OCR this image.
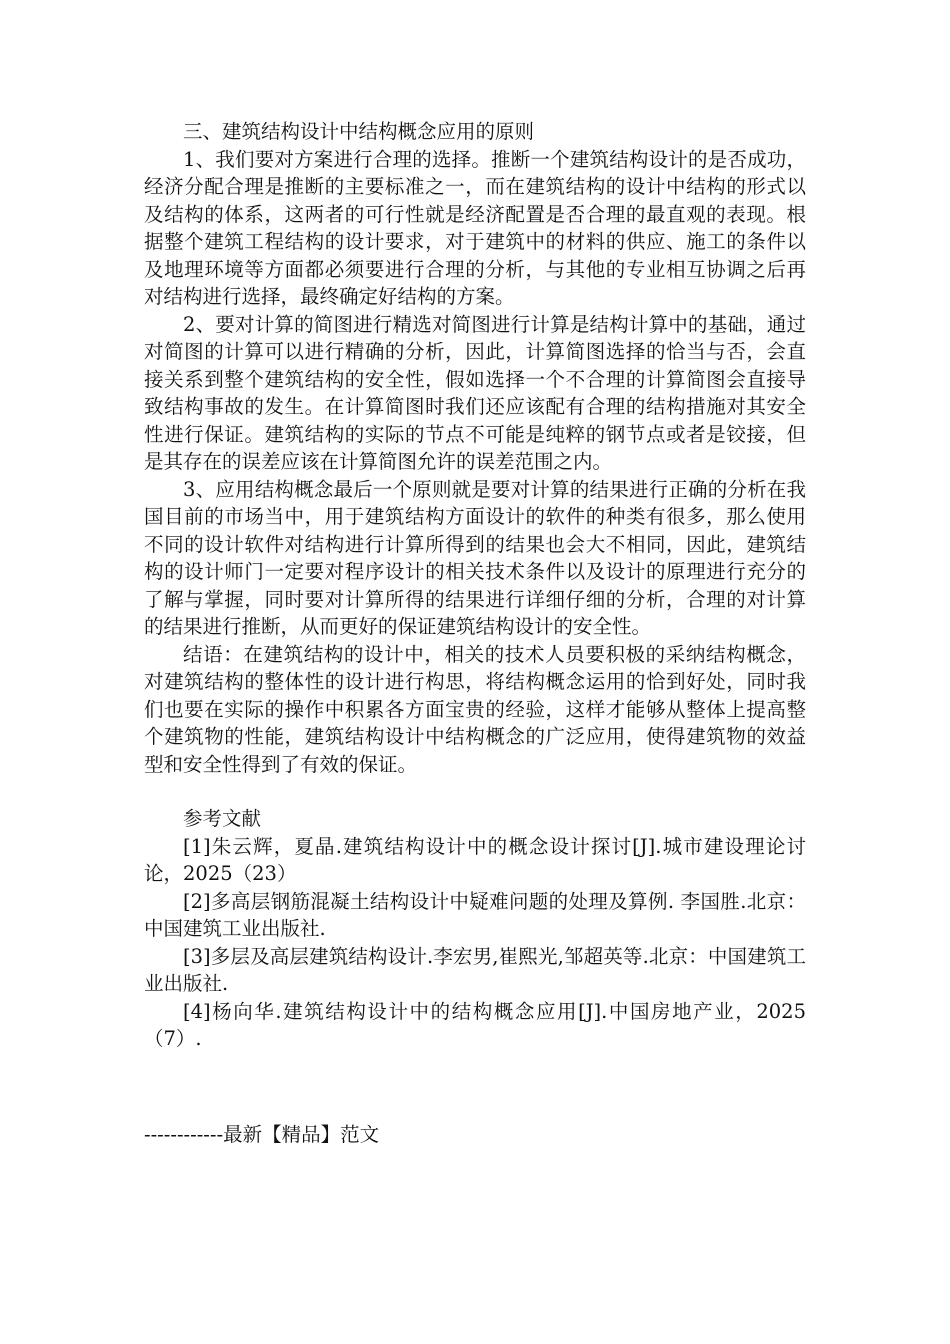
三、建筑结构设计中结构概念应用的原则

1、我们要对方案进行合理的选择。推断一个建筑结构设计的是否成功，经济分配合理是推断的主要标准之一，而在建筑结构的设计中结构的形式以及结构的体系，这两者的可行性就是经济配置是否合理的最直观的表现。根据整个建筑工程结构的设计要求，对于建筑中的材料的供应、施工的条件以及地理环境等方面都必须要进行合理的分析，与其他的专业相互协调之后再对结构进行选择，最终确定好结构的方案。

2、要对计算的简图进行精选对简图进行计算是结构计算中的基础，通过对简图的计算可以进行精确的分析，因此，计算简图选择的恰当与否，会直接关系到整个建筑结构的安全性，假如选择一个不合理的计算简图会直接导致结构事故的发生。在计算简图时我们还应该配有合理的结构措施对其安全性进行保证。建筑结构的实际的节点不可能是纯粹的钢节点或者是铰接，但是其存在的误差应该在计算简图允许的误差范围之内。

3、应用结构概念最后一个原则就是要对计算的结果进行正确的分析在我国目前的市场当中，用于建筑结构方面设计的软件的种类有很多，那么使用不同的设计软件对结构进行计算所得到的结果也会大不相同，因此，建筑结构的设计师门一定要对程序设计的相关技术条件以及设计的原理进行充分的了解与掌握，同时要对计算所得的结果进行详细仔细的分析，合理的对计算的结果进行推断，从而更好的保证建筑结构设计的安全性。

结语：在建筑结构的设计中，相关的技术人员要积极的采纳结构概念，对建筑结构的整体性的设计进行构思，将结构概念运用的恰到好处，同时我们也要在实际的操作中积累各方面宝贵的经验，这样才能够从整体上提高整个建筑物的性能，建筑结构设计中结构概念的广泛应用，使得建筑物的效益型和安全性得到了有效的保证。

参考文献

[1]朱云辉，夏晶.建筑结构设计中的概念设计探讨[J].城市建设理论讨论，2025（23）

[2]多高层钢筋混凝土结构设计中疑难问题的处理及算例. 李国胜.北京：中国建筑工业出版社.

[3]多层及高层建筑结构设计.李宏男,崔熙光,邹超英等.北京：中国建筑工业出版社.

[4]杨向华.建筑结构设计中的结构概念应用[J].中国房地产业，2025（7）.

------------最新【精品】范文
